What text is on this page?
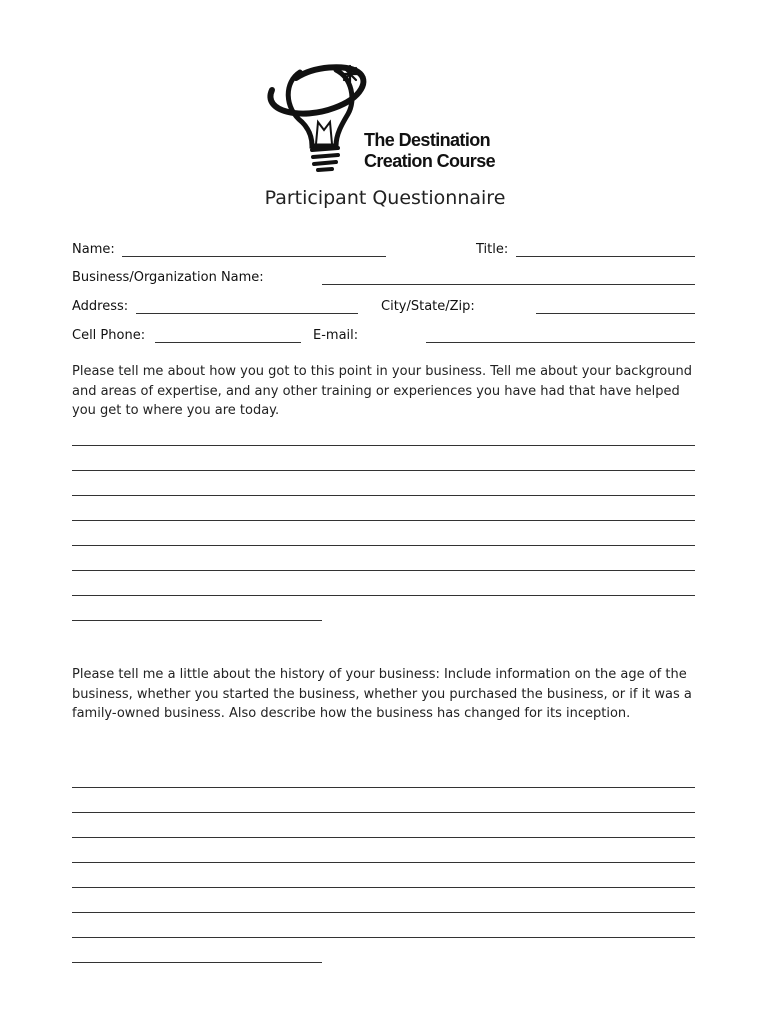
The Destination
Creation Course
Participant Questionnaire
Name:	Title:
Business/Organization Name:
Address:	City/State/Zip:
Cell Phone:	E-mail:
Please tell me about how you got to this point in your business. Tell me about your background and areas of expertise, and any other training or experiences you have had that have helped you get to where you are today.
Please tell me a little about the history of your business: Include information on the age of the business, whether you started the business, whether you purchased the business, or if it was a family-owned business. Also describe how the business has changed for its inception.
